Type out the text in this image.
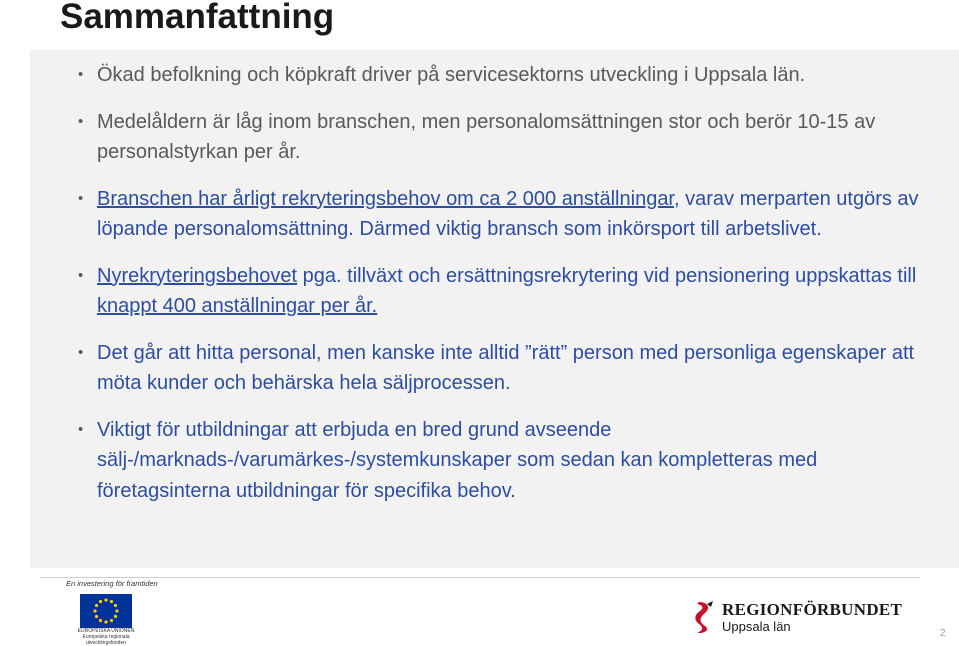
Sammanfattning
• Ökad befolkning och köpkraft driver på servicesektorns utveckling i Uppsala län.
• Medelåldern är låg inom branschen, men personalomsättningen stor och berör 10-15 av personalstyrkan per år.
• Branschen har årligt rekryteringsbehov om ca 2 000 anställningar, varav merparten utgörs av löpande personalomsättning. Därmed viktig bransch som inkörsport till arbetslivet.
• Nyrekryteringsbehovet pga. tillväxt och ersättningsrekrytering vid pensionering uppskattas till knappt 400 anställningar per år.
• Det går att hitta personal, men kanske inte alltid ”rätt” person med personliga egenskaper att möta kunder och behärska hela säljprocessen.
• Viktigt för utbildningar att erbjuda en bred grund avseende sälj-/marknads-/varumärkes-/systemkunskaper som sedan kan kompletteras med företagsinterna utbildningar för specifika behov.
En investering för framtiden
EUROPEISKA UNIONEN Europeiska regionala utvecklingsfonden
REGIONFÖRBUNDET
Uppsala län	2
